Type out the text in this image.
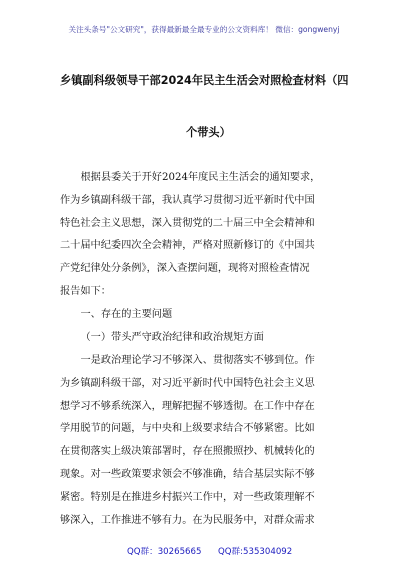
关注头条号"公文研究"，获得最新最全最专业的公文资料库！ 微信：gongwenyj
乡镇副科级领导干部2024年民主生活会对照检查材料（四
个带头）
根据县委关于开好2024年度民主生活会的通知要求，
作为乡镇副科级干部，我认真学习贯彻习近平新时代中国
特色社会主义思想，深入贯彻党的二十届三中全会精神和
二十届中纪委四次全会精神，严格对照新修订的《中国共
产党纪律处分条例》，深入查摆问题，现将对照检查情况
报告如下：
一、存在的主要问题
（一）带头严守政治纪律和政治规矩方面
一是政治理论学习不够深入、贯彻落实不够到位。作
为乡镇副科级干部，对习近平新时代中国特色社会主义思
想学习不够系统深入，理解把握不够透彻。在工作中存在
学用脱节的问题，与中央和上级要求结合不够紧密。比如
在贯彻落实上级决策部署时，存在照搬照抄、机械转化的
现象。对一些政策要求领会不够准确，结合基层实际不够
紧密。特别是在推进乡村振兴工作中，对一些政策理解不
够深入，工作推进不够有力。在为民服务中，对群众需求
QQ群：30265665 QQ群:535304092
